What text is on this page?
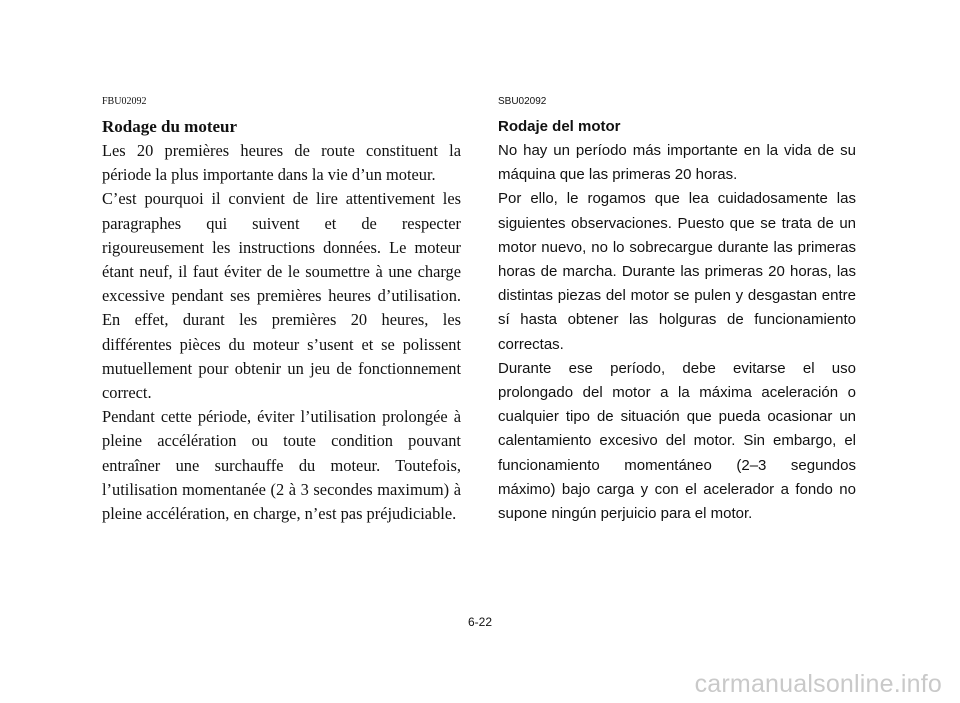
FBU02092
Rodage du moteur

Les 20 premières heures de route constituent la période la plus importante dans la vie d’un moteur.

C’est pourquoi il convient de lire attentivement les paragraphes qui suivent et de respecter rigoureusement les instructions données. Le moteur étant neuf, il faut éviter de le soumettre à une charge excessive pendant ses premières heures d’utilisation. En effet, durant les premières 20 heures, les différentes pièces du moteur s’usent et se polissent mutuellement pour obtenir un jeu de fonctionnement correct.

Pendant cette période, éviter l’utilisation prolongée à pleine accélération ou toute condition pouvant entraîner une surchauffe du moteur. Toutefois, l’utilisation momentanée (2 à 3 secondes maximum) à pleine accélération, en charge, n’est pas préjudiciable.

SBU02092
Rodaje del motor

No hay un período más importante en la vida de su máquina que las primeras 20 horas.

Por ello, le rogamos que lea cuidadosamente las siguientes observaciones. Puesto que se trata de un motor nuevo, no lo sobrecargue durante las primeras horas de marcha. Durante las primeras 20 horas, las distintas piezas del motor se pulen y desgastan entre sí hasta obtener las holguras de funcionamiento correctas.

Durante ese período, debe evitarse el uso prolongado del motor a la máxima aceleración o cualquier tipo de situación que pueda ocasionar un calentamiento excesivo del motor. Sin embargo, el funcionamiento momentáneo (2–3 segundos máximo) bajo carga y con el acelerador a fondo no supone ningún perjuicio para el motor.

6-22
carmanualsonline.info
